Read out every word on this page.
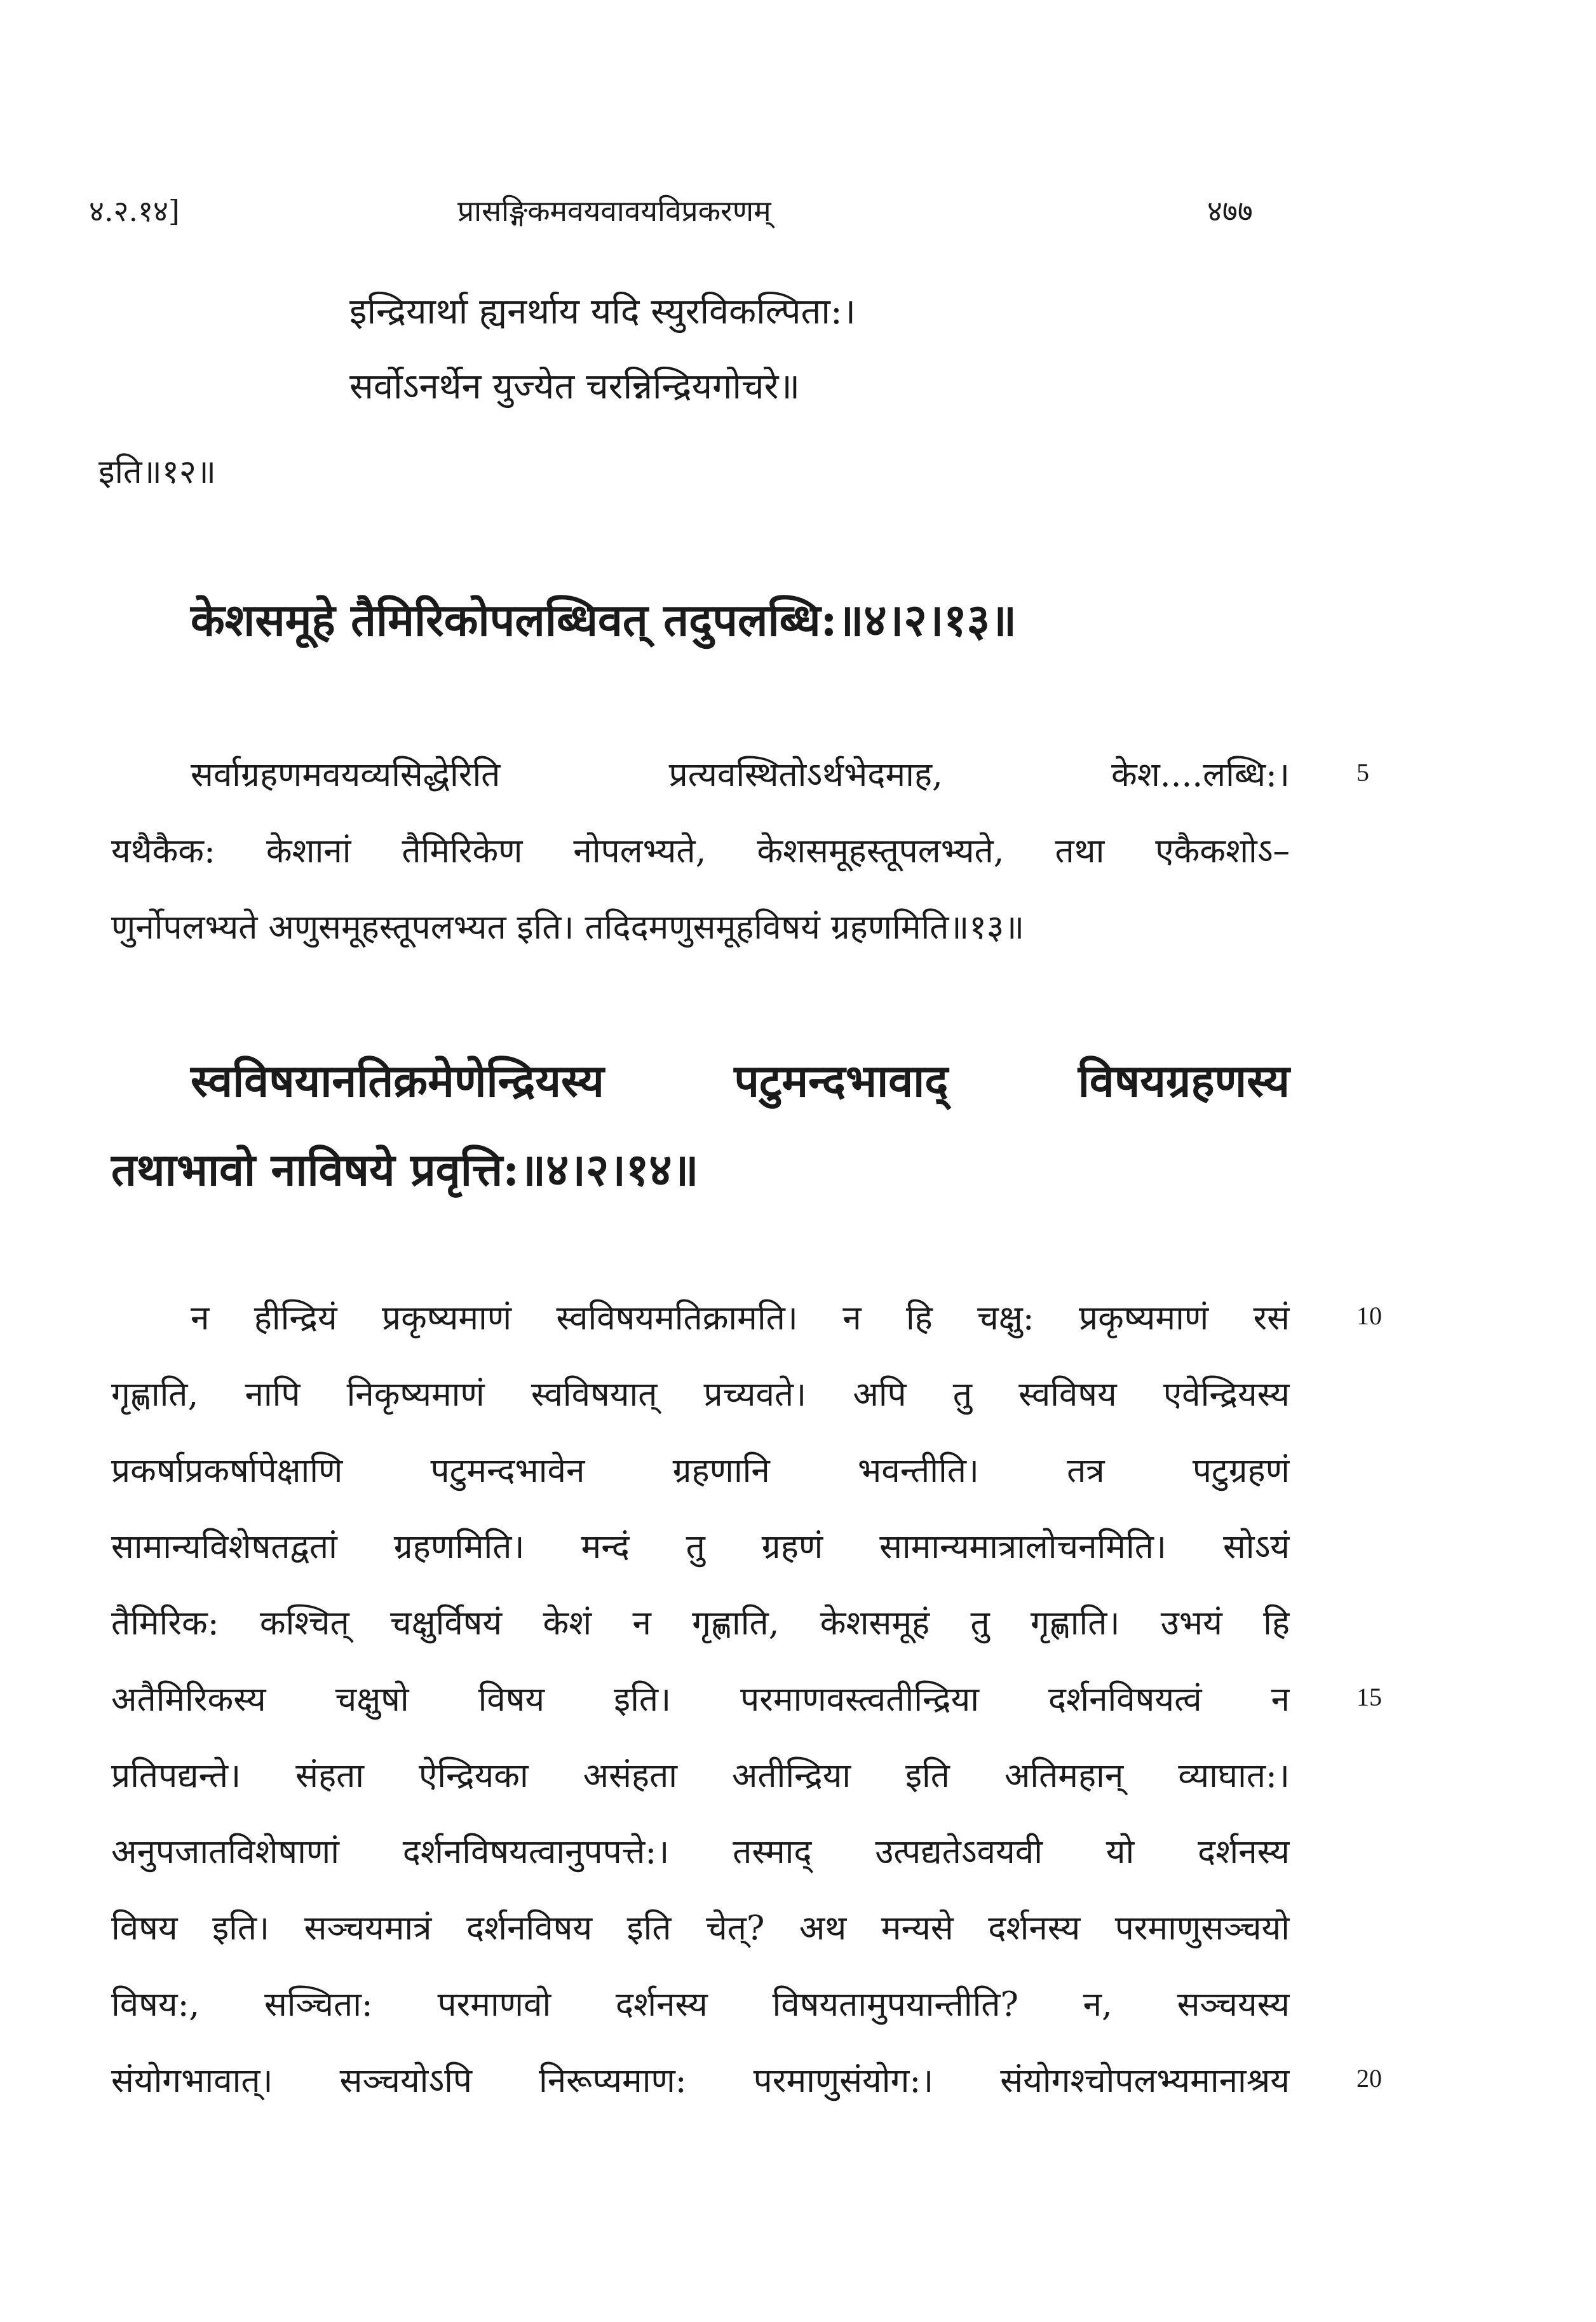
४.२.१४]	प्रासङ्गिकमवयवावयविप्रकरणम्	४७७
इन्द्रियार्था ह्यनर्थाय यदि स्युरविकल्पिता:।
सर्वोऽनर्थेन युज्येत चरन्निन्द्रियगोचरे॥
इति॥१२॥
केशसमूहे तैमिरिकोपलब्धिवत् तदुपलब्धि:॥४।२।१३॥
सर्वाग्रहणमवयव्यसिद्धेरिति प्रत्यवस्थितोऽर्थभेदमाह, केश....लब्धि:।	5
यथैकैक: केशानां तैमिरिकेण नोपलभ्यते, केशसमूहस्तूपलभ्यते, तथा एकैकशोऽ–
णुर्नोपलभ्यते अणुसमूहस्तूपलभ्यत इति। तदिदमणुसमूहविषयं ग्रहणमिति॥१३॥
स्वविषयानतिक्रमेणेन्द्रियस्य पटुमन्दभावाद् विषयग्रहणस्य
तथाभावो नाविषये प्रवृत्ति:॥४।२।१४॥
न हीन्द्रियं प्रकृष्यमाणं स्वविषयमतिक्रामति। न हि चक्षु: प्रकृष्यमाणं रसं	10
गृह्णाति, नापि निकृष्यमाणं स्वविषयात् प्रच्यवते। अपि तु स्वविषय एवेन्द्रियस्य
प्रकर्षाप्रकर्षापेक्षाणि पटुमन्दभावेन ग्रहणानि भवन्तीति। तत्र पटुग्रहणं
सामान्यविशेषतद्वतां ग्रहणमिति। मन्दं तु ग्रहणं सामान्यमात्रालोचनमिति। सोऽयं
तैमिरिक: कश्चित् चक्षुर्विषयं केशं न गृह्णाति, केशसमूहं तु गृह्णाति। उभयं हि
अतैमिरिकस्य चक्षुषो विषय इति। परमाणवस्त्वतीन्द्रिया दर्शनविषयत्वं न	15
प्रतिपद्यन्ते। संहता ऐन्द्रियका असंहता अतीन्द्रिया इति अतिमहान् व्याघात:।
अनुपजातविशेषाणां दर्शनविषयत्वानुपपत्ते:। तस्माद् उत्पद्यतेऽवयवी यो दर्शनस्य
विषय इति। सञ्चयमात्रं दर्शनविषय इति चेत्? अथ मन्यसे दर्शनस्य परमाणुसञ्चयो
विषय:, सञ्चिता: परमाणवो दर्शनस्य विषयतामुपयान्तीति? न, सञ्चयस्य
संयोगभावात्। सञ्चयोऽपि निरूप्यमाण: परमाणुसंयोग:। संयोगश्चोपलभ्यमानाश्रय	20
